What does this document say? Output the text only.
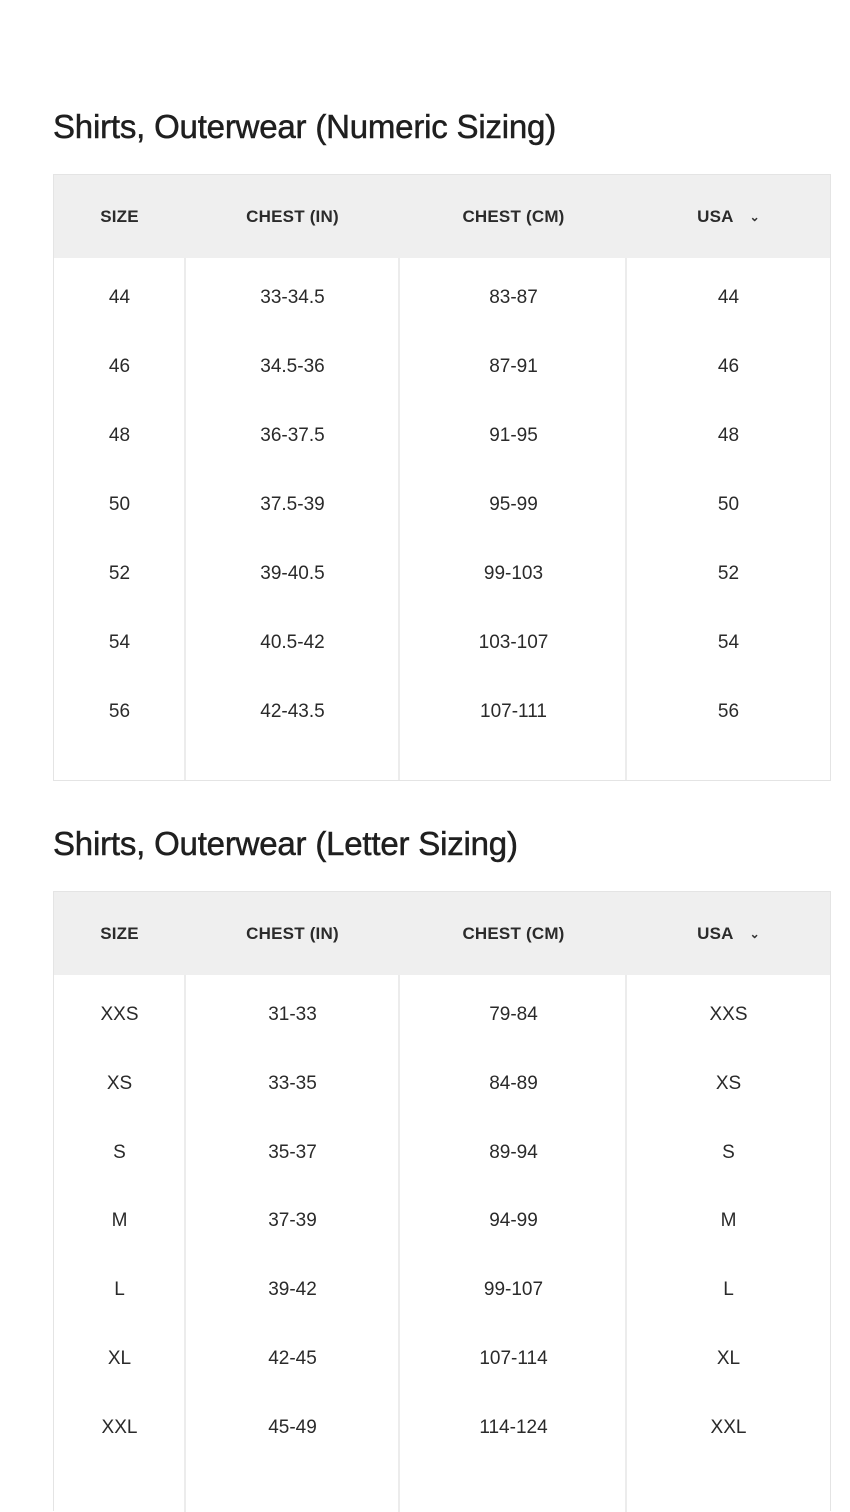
Shirts, Outerwear (Numeric Sizing)
SIZE	CHEST (IN)	CHEST (CM)	USA ⌄
44	33-34.5	83-87	44
46	34.5-36	87-91	46
48	36-37.5	91-95	48
50	37.5-39	95-99	50
52	39-40.5	99-103	52
54	40.5-42	103-107	54
56	42-43.5	107-111	56
Shirts, Outerwear (Letter Sizing)
SIZE	CHEST (IN)	CHEST (CM)	USA ⌄
XXS	31-33	79-84	XXS
XS	33-35	84-89	XS
S	35-37	89-94	S
M	37-39	94-99	M
L	39-42	99-107	L
XL	42-45	107-114	XL
XXL	45-49	114-124	XXL
